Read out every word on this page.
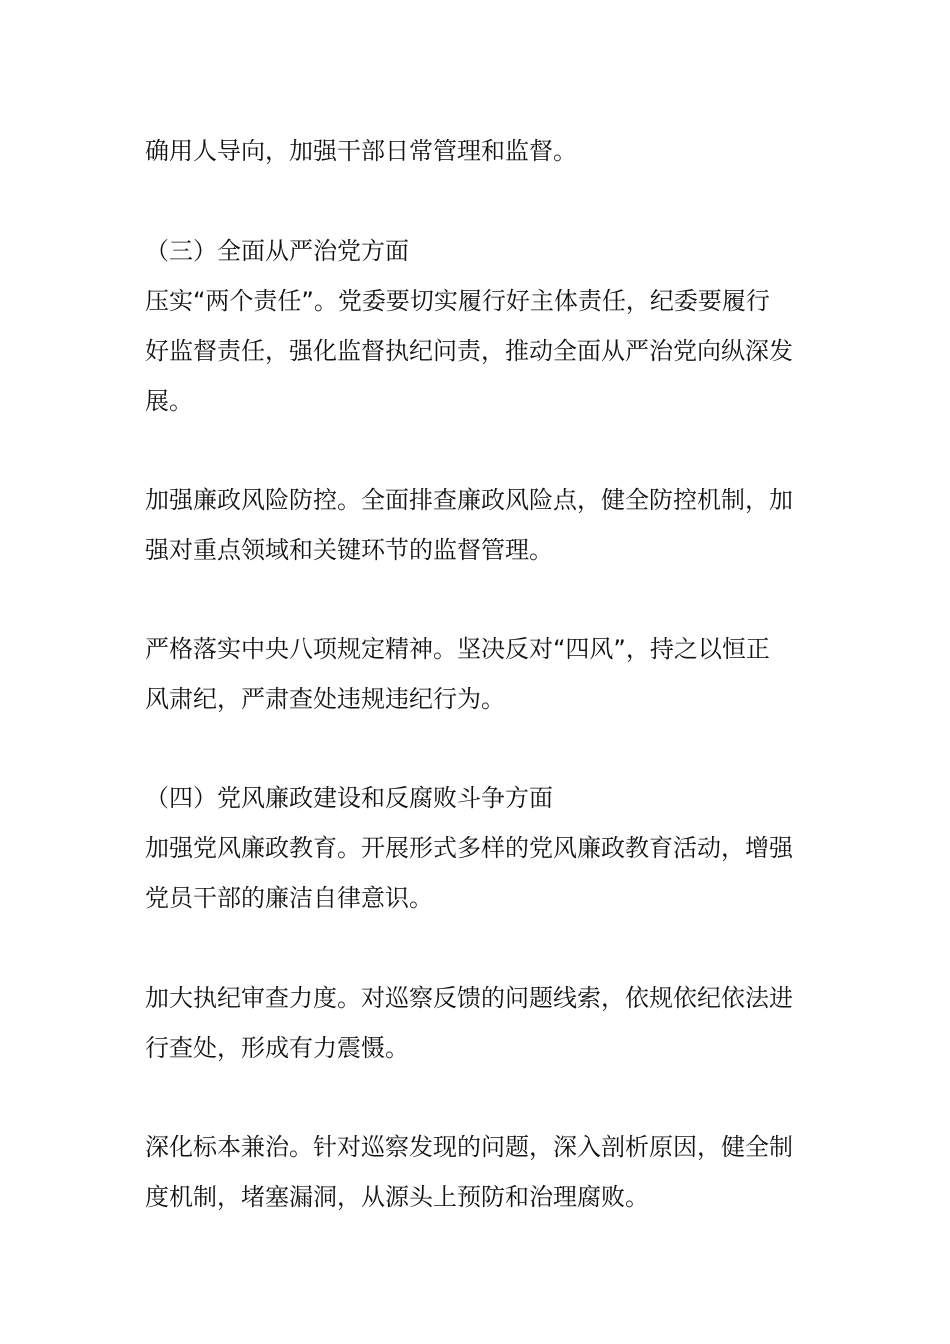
确用人导向，加强干部日常管理和监督。
（三）全面从严治党方面
压实“两个责任”。党委要切实履行好主体责任，纪委要履行
好监督责任，强化监督执纪问责，推动全面从严治党向纵深发
展。
加强廉政风险防控。全面排查廉政风险点，健全防控机制，加
强对重点领域和关键环节的监督管理。
严格落实中央八项规定精神。坚决反对“四风”，持之以恒正
风肃纪，严肃查处违规违纪行为。
（四）党风廉政建设和反腐败斗争方面
加强党风廉政教育。开展形式多样的党风廉政教育活动，增强
党员干部的廉洁自律意识。
加大执纪审查力度。对巡察反馈的问题线索，依规依纪依法进
行查处，形成有力震慑。
深化标本兼治。针对巡察发现的问题，深入剖析原因，健全制
度机制，堵塞漏洞，从源头上预防和治理腐败。
